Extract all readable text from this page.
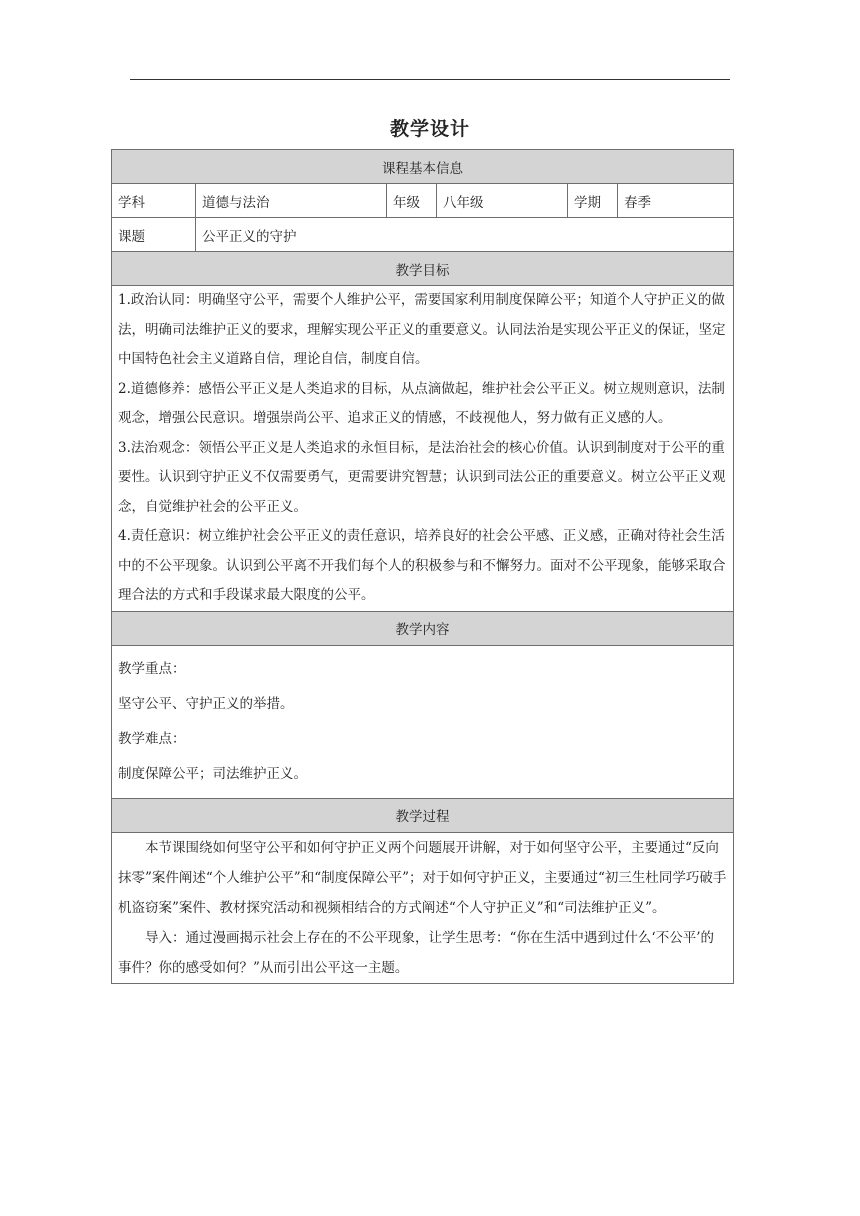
教学设计
课程基本信息					
学科	道德与法治	年级	八年级	学期	春季
课题	公平正义的守护				
教学目标					

1.政治认同：明确坚守公平，需要个人维护公平，需要国家利用制度保障公平；知道个人守护正义的做法，明确司法维护正义的要求，理解实现公平正义的重要意义。认同法治是实现公平正义的保证，坚定中国特色社会主义道路自信，理论自信，制度自信。

2.道德修养：感悟公平正义是人类追求的目标，从点滴做起，维护社会公平正义。树立规则意识，法制观念，增强公民意识。增强崇尚公平、追求正义的情感，不歧视他人，努力做有正义感的人。

3.法治观念：领悟公平正义是人类追求的永恒目标，是法治社会的核心价值。认识到制度对于公平的重要性。认识到守护正义不仅需要勇气，更需要讲究智慧；认识到司法公正的重要意义。树立公平正义观念，自觉维护社会的公平正义。

4.责任意识：树立维护社会公平正义的责任意识，培养良好的社会公平感、正义感，正确对待社会生活中的不公平现象。认识到公平离不开我们每个人的积极参与和不懈努力。面对不公平现象，能够采取合理合法的方式和手段谋求最大限度的公平。					

教学内容					

教学重点：

坚守公平、守护正义的举措。

教学难点：

制度保障公平；司法维护正义。					

教学过程					

本节课围绕如何坚守公平和如何守护正义两个问题展开讲解，对于如何坚守公平，主要通过“反向抹零”案件阐述“个人维护公平”和“制度保障公平”；对于如何守护正义，主要通过“初三生杜同学巧破手机盗窃案”案件、教材探究活动和视频相结合的方式阐述“个人守护正义”和“司法维护正义”。

导入：通过漫画揭示社会上存在的不公平现象，让学生思考：“你在生活中遇到过什么‘不公平’的事件？你的感受如何？”从而引出公平这一主题。					
